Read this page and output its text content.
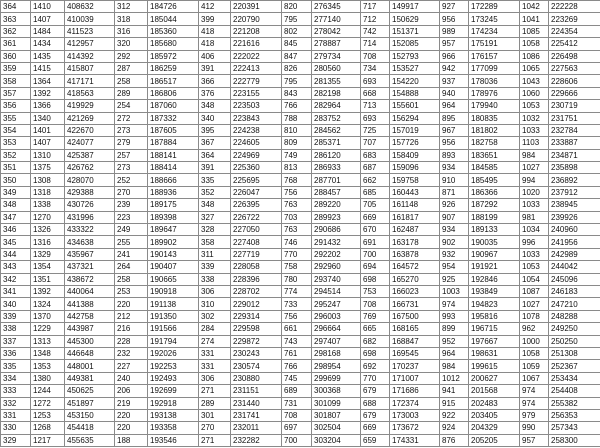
364	1410	408632	312	184726	412	220391	820	276345	717	149917	927	172289	1042	222228
363	1407	410039	318	185044	399	220790	795	277140	712	150629	956	173245	1041	223269
362	1484	411523	316	185360	418	221208	802	278042	742	151371	989	174234	1085	224354
361	1434	412957	320	185680	418	221616	845	278887	714	152085	957	175191	1058	225412
360	1435	414392	292	185972	406	222022	847	279734	708	152793	966	176157	1086	226498
359	1415	415807	287	186259	391	222413	826	280560	734	153527	942	177099	1065	227563
358	1364	417171	258	186517	366	222779	795	281355	693	154220	937	178036	1043	228606
357	1392	418563	289	186806	376	223155	843	282198	668	154888	940	178976	1060	229666
356	1366	419929	254	187060	348	223503	766	282964	713	155601	964	179940	1053	230719
355	1340	421269	272	187332	340	223843	788	283752	693	156294	895	180835	1032	231751
354	1401	422670	273	187605	395	224238	810	284562	725	157019	967	181802	1033	232784
353	1407	424077	279	187884	367	224605	809	285371	707	157726	956	182758	1103	233887
352	1310	425387	257	188141	364	224969	749	286120	683	158409	893	183651	984	234871
351	1375	426762	273	188414	391	225360	813	286933	687	159096	934	184585	1027	235898
350	1308	428070	252	188666	335	225695	768	287701	662	159758	910	185495	994	236892
349	1318	429388	270	188936	352	226047	756	288457	685	160443	871	186366	1020	237912
348	1338	430726	239	189175	348	226395	763	289220	705	161148	926	187292	1033	238945
347	1270	431996	223	189398	327	226722	703	289923	669	161817	907	188199	981	239926
346	1326	433322	249	189647	328	227050	763	290686	670	162487	934	189133	1034	240960
345	1316	434638	255	189902	358	227408	746	291432	691	163178	902	190035	996	241956
344	1329	435967	241	190143	311	227719	770	292202	700	163878	932	190967	1033	242989
343	1354	437321	264	190407	339	228058	758	292960	694	164572	954	191921	1053	244042
342	1351	438672	258	190665	338	228396	780	293740	698	165270	925	192846	1054	245096
341	1392	440064	253	190918	306	228702	774	294514	753	166023	1003	193849	1087	246183
340	1324	441388	220	191138	310	229012	733	295247	708	166731	974	194823	1027	247210
339	1370	442758	212	191350	302	229314	756	296003	769	167500	993	195816	1078	248288
338	1229	443987	216	191566	284	229598	661	296664	665	168165	899	196715	962	249250
337	1313	445300	228	191794	274	229872	743	297407	682	168847	952	197667	1000	250250
336	1348	446648	232	192026	331	230243	761	298168	698	169545	964	198631	1058	251308
335	1353	448001	227	192253	331	230574	766	298954	692	170237	984	199615	1059	252367
334	1380	449381	240	192493	306	230880	745	299699	770	171007	1012	200627	1067	253434
333	1244	450625	206	192699	271	231151	689	300368	679	171686	941	201568	974	254408
332	1272	451897	219	192918	289	231440	731	301099	688	172374	915	202483	974	255382
331	1253	453150	220	193138	301	231741	708	301807	679	173003	922	203405	979	256353
330	1268	454418	220	193358	270	232011	697	302504	669	173672	924	204329	990	257343
329	1217	455635	188	193546	271	232282	700	303204	659	174331	876	205205	957	258300
